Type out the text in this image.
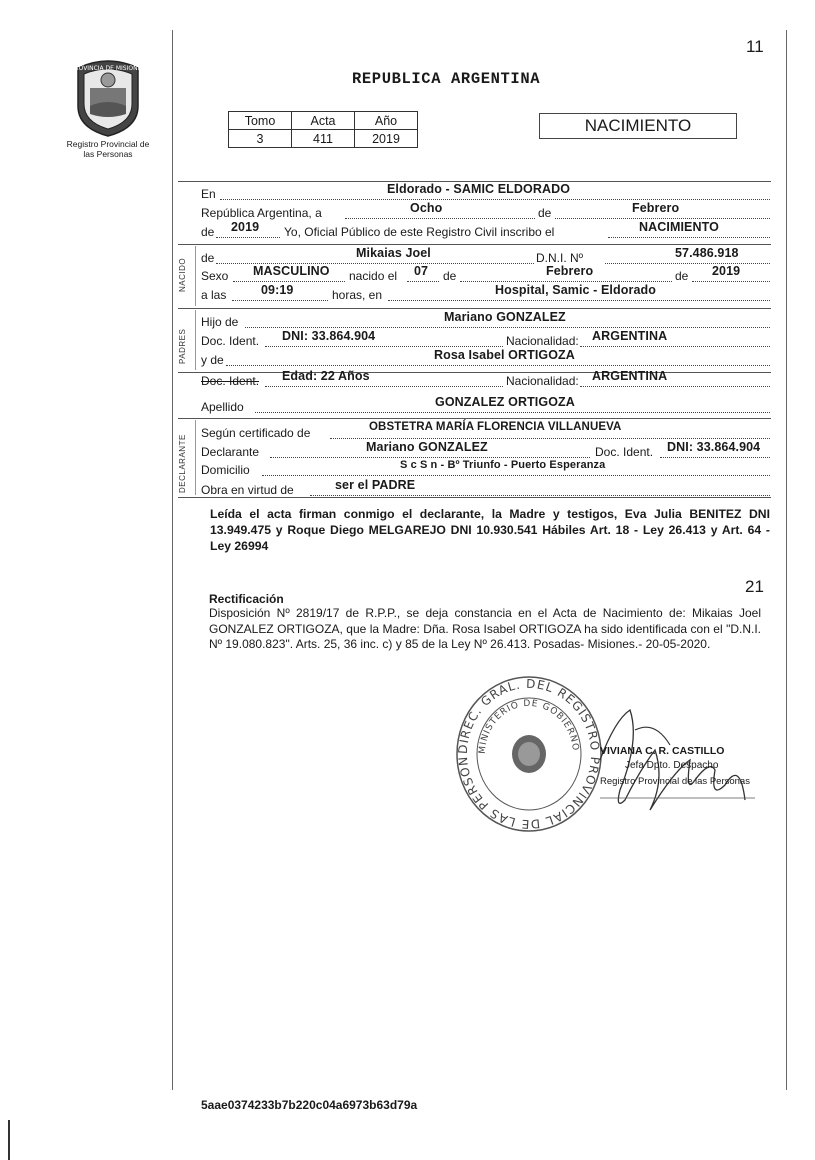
PROVINCIA DE MISIONES
Registro Provincial de las Personas
11
REPUBLICA ARGENTINA
Tomo	Acta	Año
3	411	2019
NACIMIENTO
NACIDO
PADRES
DECLARANTE
En	Eldorado - SAMIC ELDORADO
República Argentina, a	Ocho	de	Febrero
de 2019 Yo, Oficial Público de este Registro Civil inscribo el	NACIMIENTO
de	Mikaias Joel	D.N.I. Nº	57.486.918
Sexo MASCULINO nacido el 07 de	Febrero	de 2019
a las	09:19	horas, en	Hospital, Samic - Eldorado
Hijo de	Mariano GONZALEZ
Doc. Ident. DNI: 33.864.904	Nacionalidad: ARGENTINA
y de	Rosa Isabel ORTIGOZA
Doc. Ident. Edad: 22 Años	Nacionalidad: ARGENTINA
Apellido	GONZALEZ ORTIGOZA
Según certificado de	OBSTETRA MARÍA FLORENCIA VILLANUEVA
Declarante	Mariano GONZALEZ	Doc. Ident. DNI: 33.864.904
Domicilio	S c S n - Bº Triunfo - Puerto Esperanza
Obra en virtud de	ser el PADRE
Leída el acta firman conmigo el declarante, la Madre y testigos, Eva Julia BENITEZ DNI 13.949.475 y Roque Diego MELGAREJO DNI 10.930.541 Hábiles Art. 18 - Ley 26.413 y Art. 64 - Ley 26994
21
Rectificación
Disposición Nº 2819/17 de R.P.P., se deja constancia en el Acta de Nacimiento de: Mikaias Joel GONZALEZ ORTIGOZA, que la Madre: Dña. Rosa Isabel ORTIGOZA ha sido identificada con el "D.N.I. Nº 19.080.823". Arts. 25, 36 inc. c) y 85 de la Ley Nº 26.413. Posadas- Misiones.- 20-05-2020.
DIREC. GRAL. DEL REGISTRO PROVINCIAL DE LAS PERSON
MINISTERIO DE GOBIERNO VIVIANA C. R. CASTILLO
Jefa Dpto. Despacho
Registro Provincial de las Personas
5aae0374233b7b220c04a6973b63d79a
